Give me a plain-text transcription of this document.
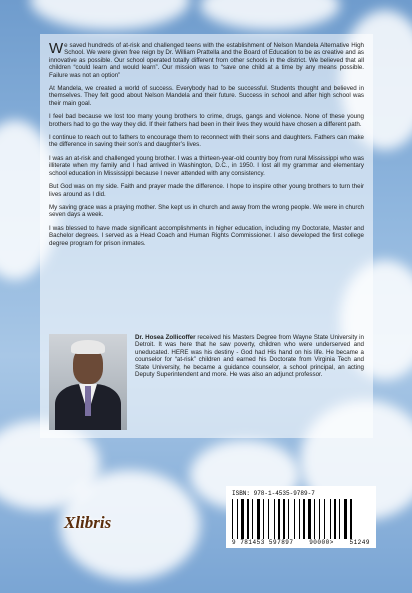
We saved hundreds of at-risk and challenged teens with the establishment of Nelson Mandela Alternative High School. We were given free reign by Dr. William Prattella and the Board of Education to be as creative and as innovative as possible. Our school operated totally different from other schools in the district. We believed that all children “could learn and would learn”. Our mission was to “save one child at a time by any means possible. Failure was not an option”

At Mandela, we created a world of success. Everybody had to be successful. Students thought and believed in themselves. They felt good about Nelson Mandela and their future. Success in school and after high school was their main goal.

I feel bad because we lost too many young brothers to crime, drugs, gangs and violence. None of these young brothers had to go the way they did. If their fathers had been in their lives they would have chosen a different path.

I continue to reach out to fathers to encourage them to reconnect with their sons and daughters. Fathers can make the difference in saving their son’s and daughter’s lives.

I was an at-risk and challenged young brother. I was a thirteen-year-old country boy from rural Mississippi who was illiterate when my family and I had arrived in Washington, D.C., in 1950. I lost all my grammar and elementary school education in Mississippi because I never attended with any consistency.

But God was on my side. Faith and prayer made the difference. I hope to inspire other young brothers to turn their lives around as I did.

My saving grace was a praying mother. She kept us in church and away from the wrong people. We were in church seven days a week.

I was blessed to have made significant accomplishments in higher education, including my Doctorate, Master and Bachelor degrees. I served as a Head Coach and Human Rights Commissioner. I also developed the first college degree program for prison inmates.

Dr. Hosea Zollicoffer received his Masters Degree from Wayne State University in Detroit. It was here that he saw poverty, children who were underserved and uneducated. HERE was his destiny - God had His hand on his life. He became a counselor for “at-risk” children and earned his Doctorate from Virginia Tech and State University, he became a guidance counselor, a school principal, an acting Deputy Superintendent and more. He was also an adjunct professor.
ISBN: 978-1-4535-9789-7
9 781453 597897	90000>	51249
Xlibris
